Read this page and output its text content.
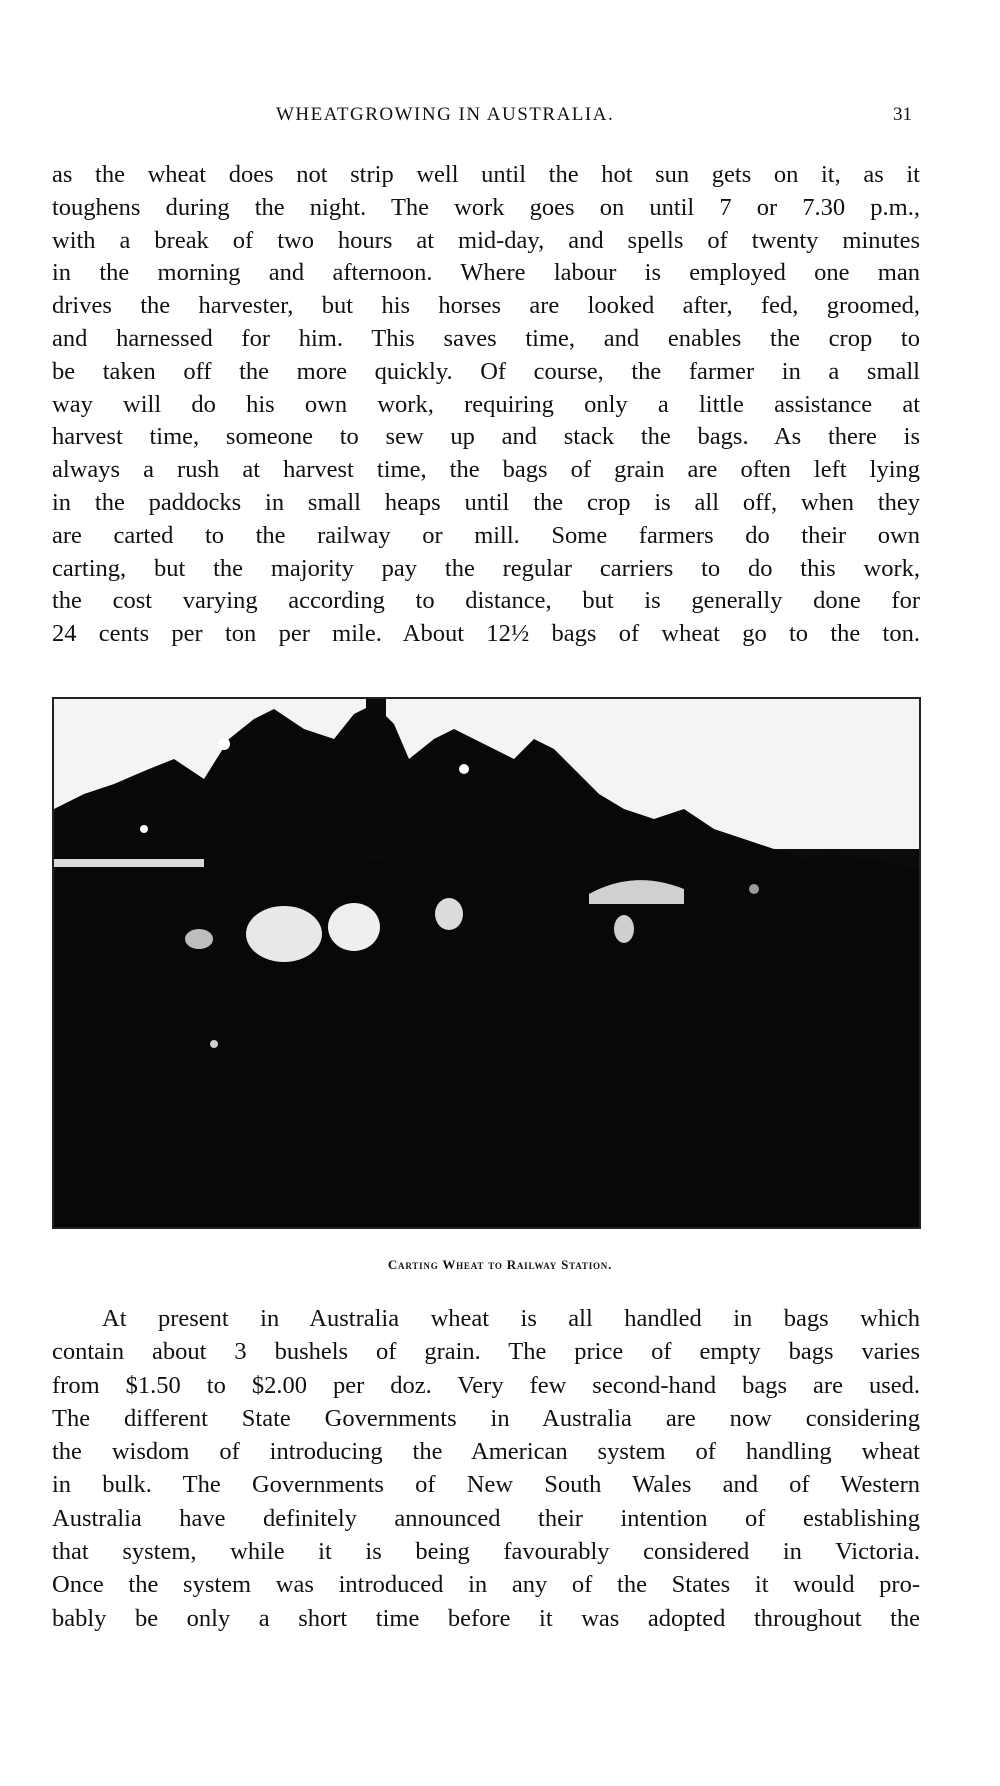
WHEATGROWING IN AUSTRALIA.	31
as the wheat does not strip well until the hot sun gets on it, as it
toughens during the night. The work goes on until 7 or 7.30 p.m.,
with a break of two hours at mid-day, and spells of twenty minutes
in the morning and afternoon. Where labour is employed one man
drives the harvester, but his horses are looked after, fed, groomed,
and harnessed for him. This saves time, and enables the crop to
be taken off the more quickly. Of course, the farmer in a small
way will do his own work, requiring only a little assistance at
harvest time, someone to sew up and stack the bags. As there is
always a rush at harvest time, the bags of grain are often left lying
in the paddocks in small heaps until the crop is all off, when they
are carted to the railway or mill. Some farmers do their own
carting, but the majority pay the regular carriers to do this work,
the cost varying according to distance, but is generally done for
24 cents per ton per mile. About 12½ bags of wheat go to the ton.
Carting Wheat to Railway Station.
At present in Australia wheat is all handled in bags which
contain about 3 bushels of grain. The price of empty bags varies
from $1.50 to $2.00 per doz. Very few second-hand bags are used.
The different State Governments in Australia are now considering
the wisdom of introducing the American system of handling wheat
in bulk. The Governments of New South Wales and of Western
Australia have definitely announced their intention of establishing
that system, while it is being favourably considered in Victoria.
Once the system was introduced in any of the States it would pro-
bably be only a short time before it was adopted throughout the
